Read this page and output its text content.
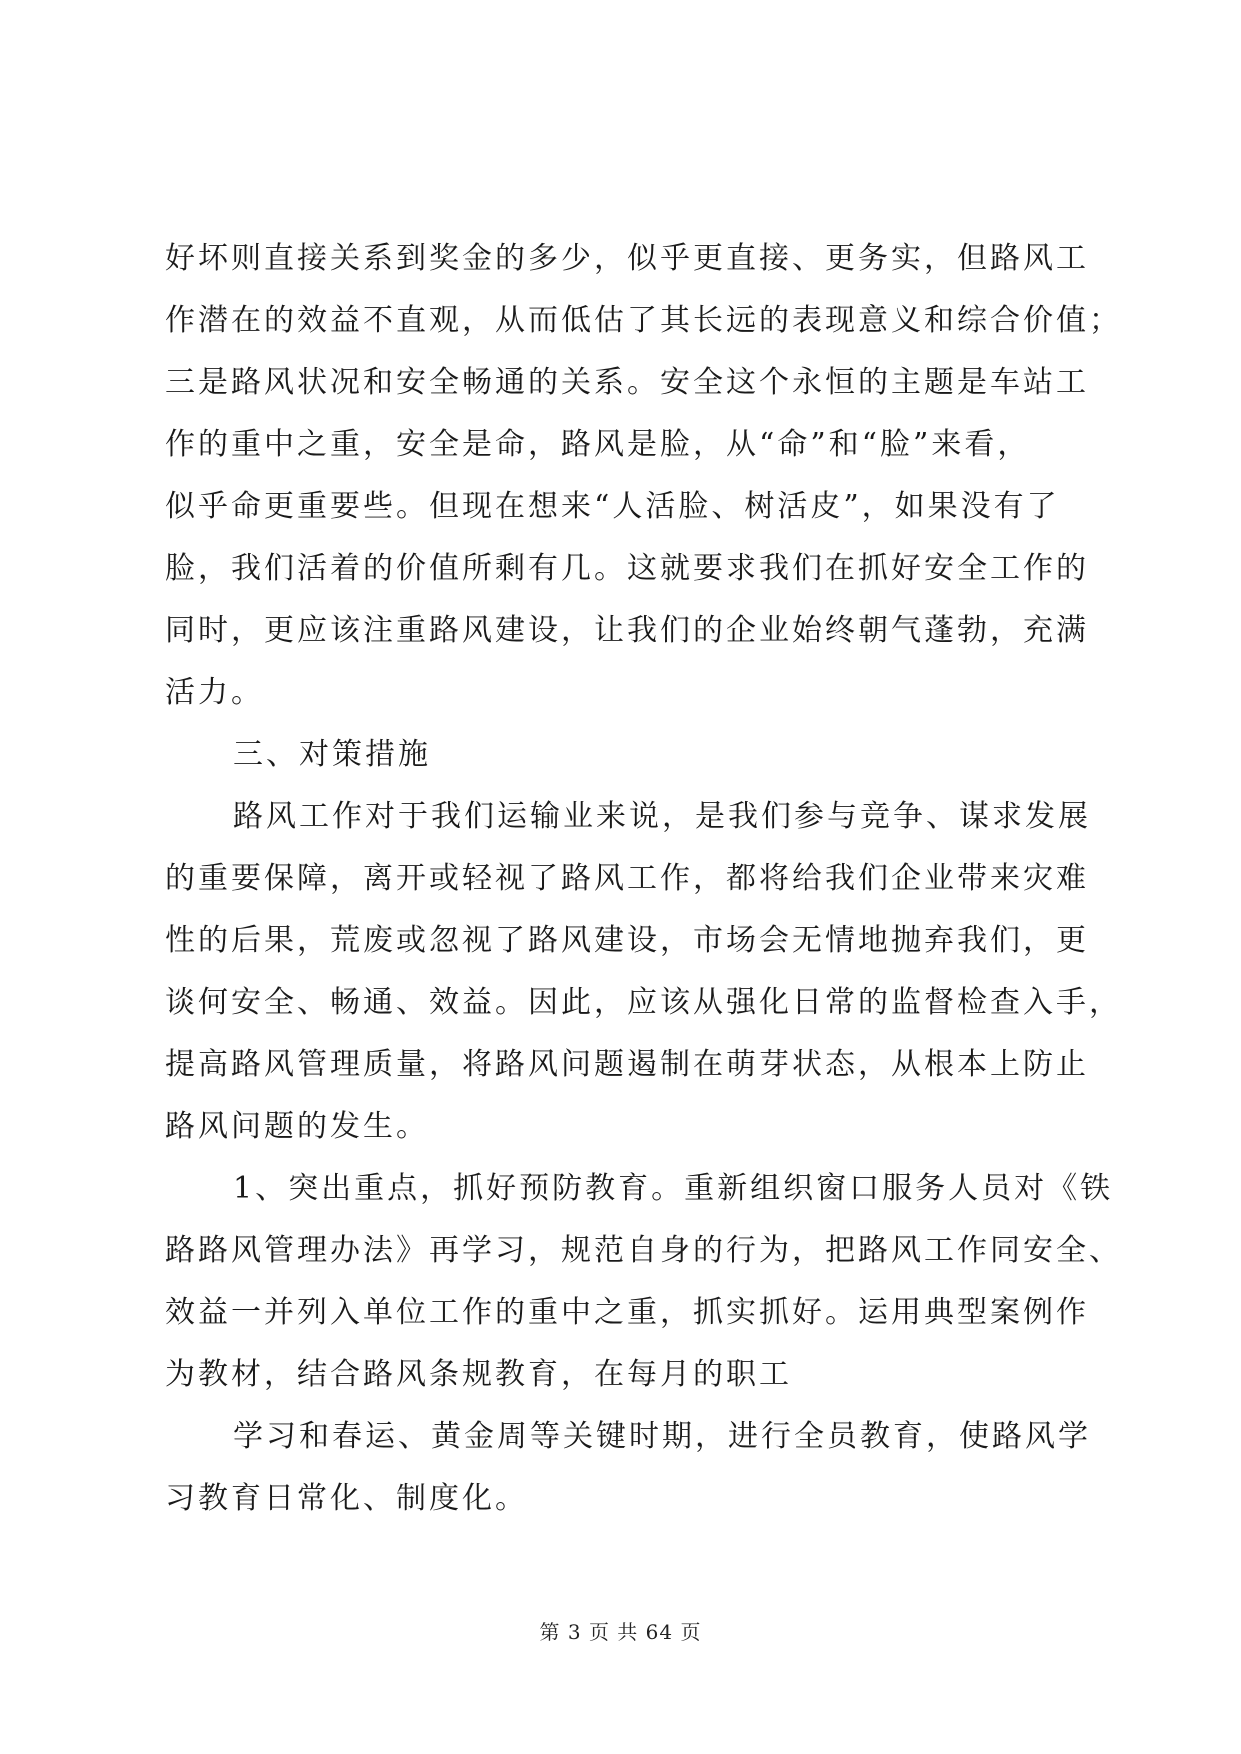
好坏则直接关系到奖金的多少，似乎更直接、更务实，但路风工
作潜在的效益不直观，从而低估了其长远的表现意义和综合价值；
三是路风状况和安全畅通的关系。安全这个永恒的主题是车站工
作的重中之重，安全是命，路风是脸，从“命”和“脸”来看，
似乎命更重要些。但现在想来“人活脸、树活皮”，如果没有了
脸，我们活着的价值所剩有几。这就要求我们在抓好安全工作的
同时，更应该注重路风建设，让我们的企业始终朝气蓬勃，充满
活力。
三、对策措施
路风工作对于我们运输业来说，是我们参与竞争、谋求发展
的重要保障，离开或轻视了路风工作，都将给我们企业带来灾难
性的后果，荒废或忽视了路风建设，市场会无情地抛弃我们，更
谈何安全、畅通、效益。因此，应该从强化日常的监督检查入手，
提高路风管理质量，将路风问题遏制在萌芽状态，从根本上防止
路风问题的发生。
1、突出重点，抓好预防教育。重新组织窗口服务人员对《铁
路路风管理办法》再学习，规范自身的行为，把路风工作同安全、
效益一并列入单位工作的重中之重，抓实抓好。运用典型案例作
为教材，结合路风条规教育，在每月的职工
学习和春运、黄金周等关键时期，进行全员教育，使路风学
习教育日常化、制度化。
第 3 页 共 64 页
